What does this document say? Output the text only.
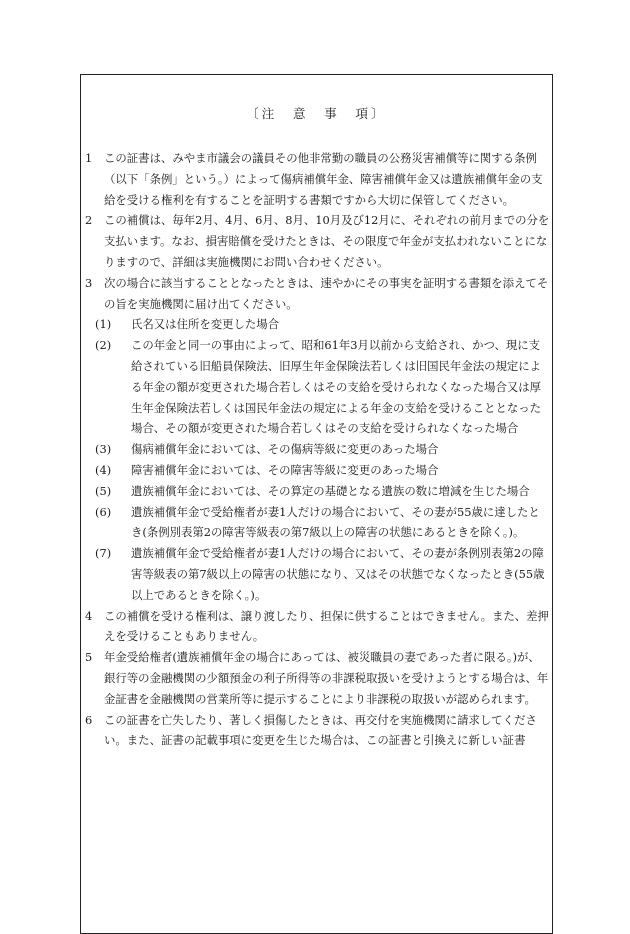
〔注　意　事　項〕
1	この証書は、みやま市議会の議員その他非常勤の職員の公務災害補償等に関する条例（以下「条例」という。）によって傷病補償年金、障害補償年金又は遺族補償年金の支給を受ける権利を有することを証明する書類ですから大切に保管してください。

2	この補償は、毎年2月、4月、6月、8月、10月及び12月に、それぞれの前月までの分を支払います。なお、損害賠償を受けたときは、その限度で年金が支払われないことになりますので、詳細は実施機関にお問い合わせください。

3	次の場合に該当することとなったときは、速やかにその事実を証明する書類を添えてその旨を実施機関に届け出てください。

(1) 氏名又は住所を変更した場合

(2) この年金と同一の事由によって、昭和61年3月以前から支給され、かつ、現に支給されている旧船員保険法、旧厚生年金保険法若しくは旧国民年金法の規定による年金の額が変更された場合若しくはその支給を受けられなくなった場合又は厚生年金保険法若しくは国民年金法の規定による年金の支給を受けることとなった場合、その額が変更された場合若しくはその支給を受けられなくなった場合

(3) 傷病補償年金においては、その傷病等級に変更のあった場合

(4) 障害補償年金においては、その障害等級に変更のあった場合

(5) 遺族補償年金においては、その算定の基礎となる遺族の数に増減を生じた場合

(6) 遺族補償年金で受給権者が妻1人だけの場合において、その妻が55歳に達したとき(条例別表第2の障害等級表の第7級以上の障害の状態にあるときを除く。)。

(7) 遺族補償年金で受給権者が妻1人だけの場合において、その妻が条例別表第2の障害等級表の第7級以上の障害の状態になり、又はその状態でなくなったとき(55歳以上であるときを除く。)。

4	この補償を受ける権利は、譲り渡したり、担保に供することはできません。また、差押えを受けることもありません。

5	年金受給権者(遺族補償年金の場合にあっては、被災職員の妻であった者に限る。)が、銀行等の金融機関の少額預金の利子所得等の非課税取扱いを受けようとする場合は、年金証書を金融機関の営業所等に提示することにより非課税の取扱いが認められます。

6	この証書を亡失したり、著しく損傷したときは、再交付を実施機関に請求してください。また、証書の記載事項に変更を生じた場合は、この証書と引換えに新しい証書
